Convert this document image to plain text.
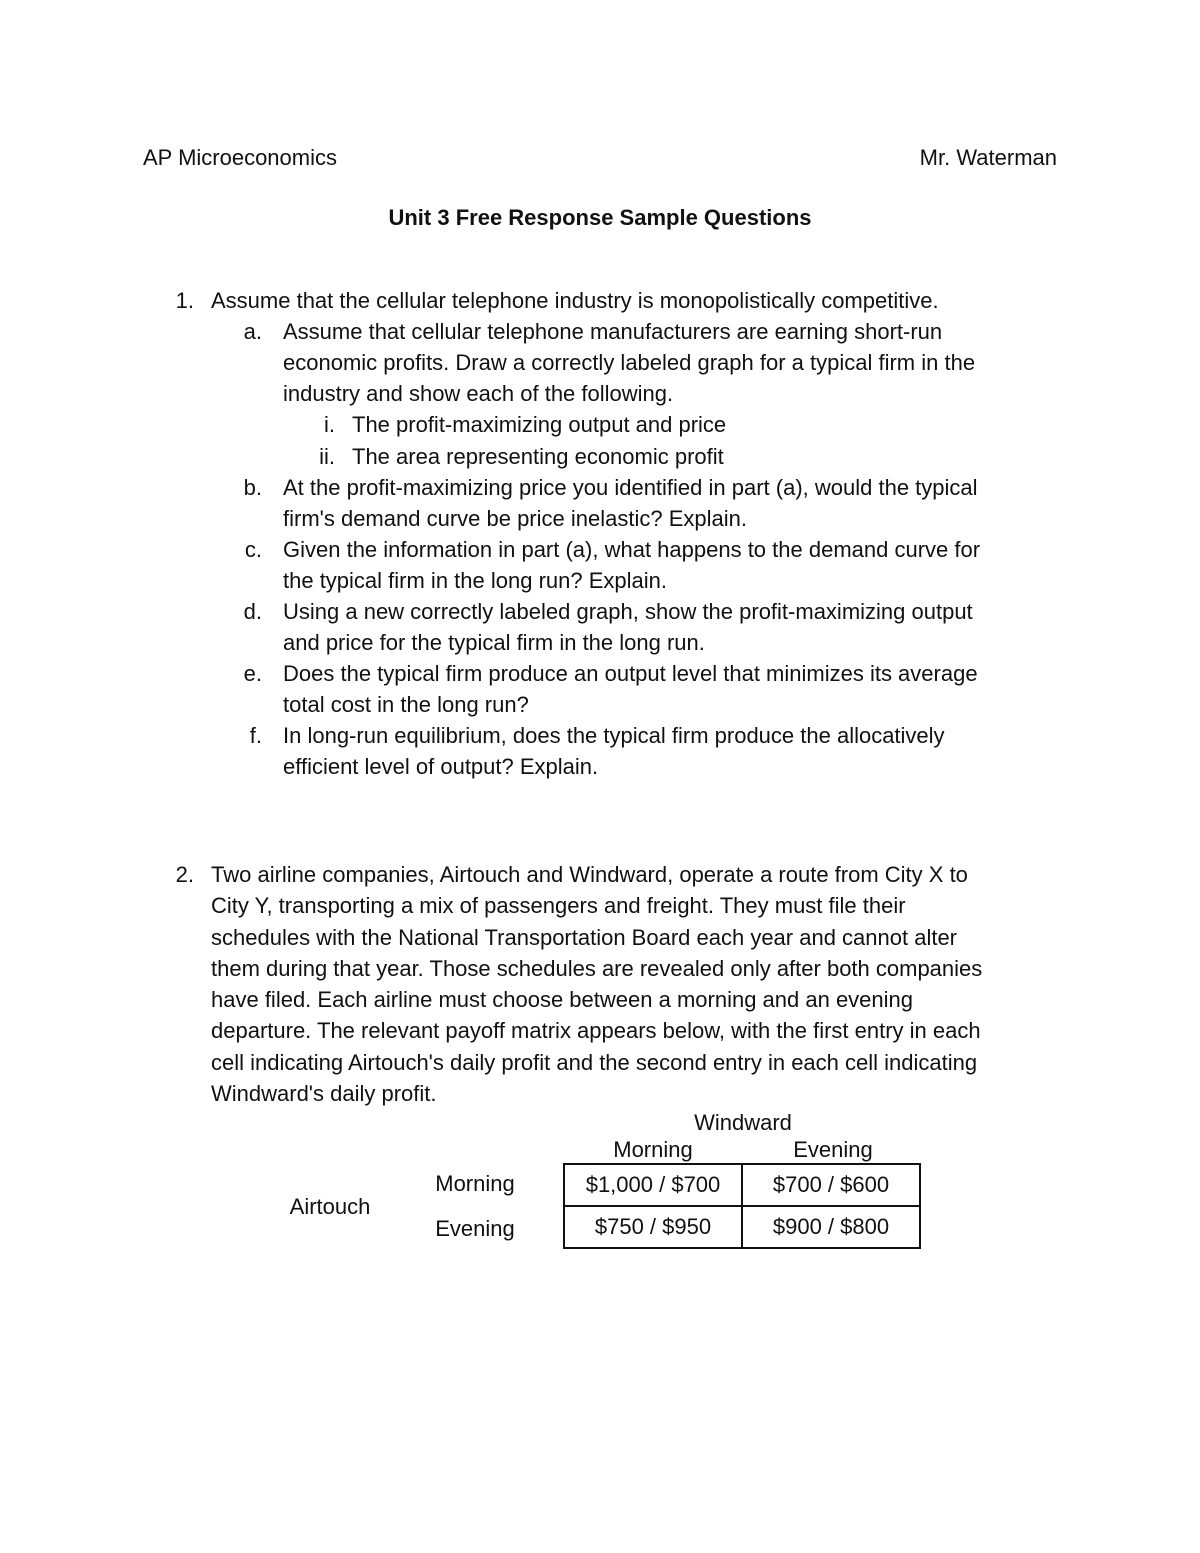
AP Microeconomics	Mr. Waterman
Unit 3 Free Response Sample Questions
1. Assume that the cellular telephone industry is monopolistically competitive.
a. Assume that cellular telephone manufacturers are earning short-run
economic profits. Draw a correctly labeled graph for a typical firm in the
industry and show each of the following.
i. The profit-maximizing output and price
ii. The area representing economic profit
b. At the profit-maximizing price you identified in part (a), would the typical
firm's demand curve be price inelastic? Explain.
c. Given the information in part (a), what happens to the demand curve for
the typical firm in the long run? Explain.
d. Using a new correctly labeled graph, show the profit-maximizing output
and price for the typical firm in the long run.
e. Does the typical firm produce an output level that minimizes its average
total cost in the long run?
f. In long-run equilibrium, does the typical firm produce the allocatively
efficient level of output? Explain.
2. Two airline companies, Airtouch and Windward, operate a route from City X to
City Y, transporting a mix of passengers and freight. They must file their
schedules with the National Transportation Board each year and cannot alter
them during that year. Those schedules are revealed only after both companies
have filed. Each airline must choose between a morning and an evening
departure. The relevant payoff matrix appears below, with the first entry in each
cell indicating Airtouch's daily profit and the second entry in each cell indicating
Windward's daily profit.
Windward
Morning	Evening
Airtouch
Morning
Evening
$1,000 / $700	$700 / $600
$750 / $950	$900 / $800
